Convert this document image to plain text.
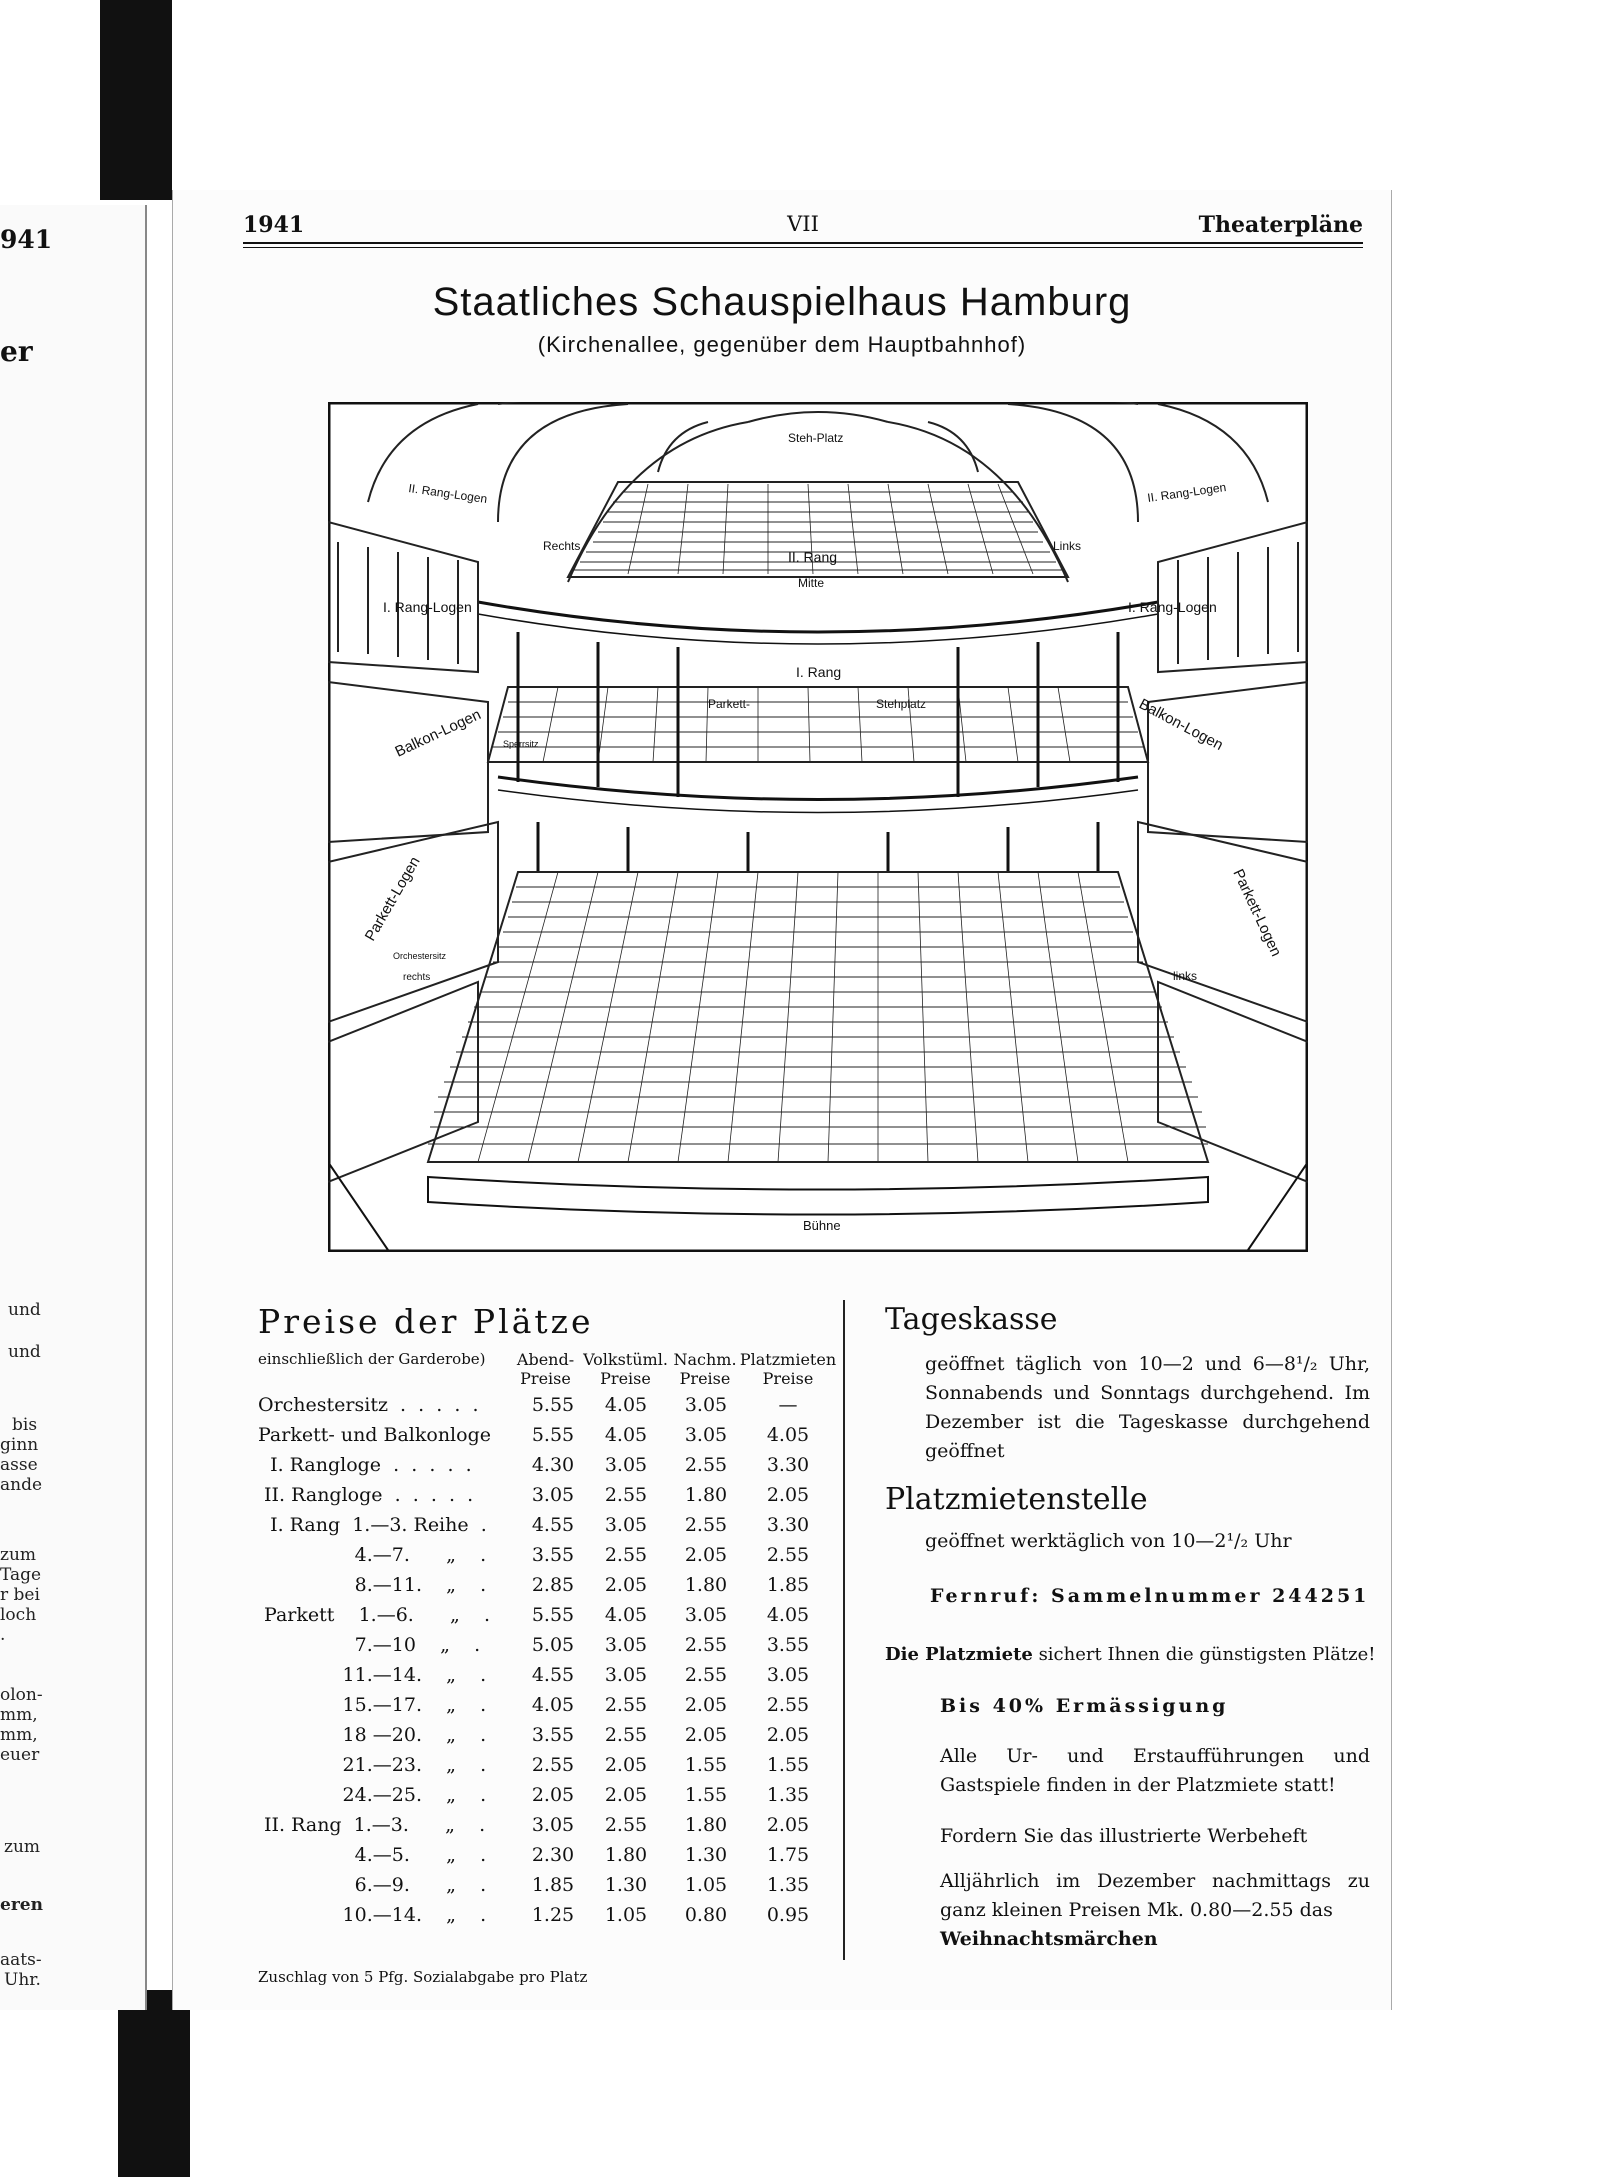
941
er
und
und
bis
ginn
asse
ande
zum
Tage
r bei
loch
.
olon-
mm,
mm,
euer
zum
eren
aats-
Uhr.
1941	VII	Theaterpläne
Staatliches Schauspielhaus Hamburg
(Kirchenallee, gegenüber dem Hauptbahnhof)
II. Rang-Logen	II. Rang-Logen
Steh-Platz
Rechts	Links
II. Rang
Mitte
I. Rang-Logen	I. Rang-Logen
I. Rang
Parkett-	Stehplatz
Balkon-Logen	Balkon-Logen
Parkett-Logen	Parkett-Logen
Sperrsitz
Orchestersitz
Bühne
rechts	links
Preise der Plätze
einschließlich der Garderobe) Abend-
Preise
Volkstüml.
Preise
Nachm.
Preise
Platzmieten
Preise
Orchestersitz  .  .  .  .  .	5.55	4.05	3.05	—
Parkett- und Balkonloge	5.55	4.05	3.05	4.05
I. Rangloge  .  .  .  .  .	4.30	3.05	2.55	3.30
II. Rangloge  .  .  .  .  .	3.05	2.55	1.80	2.05
I. Rang  1.—3. Reihe  .	4.55	3.05	2.55	3.30
4.—7.      „    .	3.55	2.55	2.05	2.55
8.—11.    „    .	2.85	2.05	1.80	1.85
Parkett    1.—6.      „    .	5.55	4.05	3.05	4.05
7.—10    „    .	5.05	3.05	2.55	3.55
11.—14.    „    .	4.55	3.05	2.55	3.05
15.—17.    „    .	4.05	2.55	2.05	2.55
18 —20.    „    .	3.55	2.55	2.05	2.05
21.—23.    „    .	2.55	2.05	1.55	1.55
24.—25.    „    .	2.05	2.05	1.55	1.35
II. Rang  1.—3.      „    .	3.05	2.55	1.80	2.05
4.—5.      „    .	2.30	1.80	1.30	1.75
6.—9.      „    .	1.85	1.30	1.05	1.35
10.—14.    „    .	1.25	1.05	0.80	0.95
Zuschlag von 5 Pfg. Sozialabgabe pro Platz
Tageskasse
geöffnet täglich von 10—2 und 6—8¹/₂ Uhr, Sonnabends und Sonntags durchgehend. Im Dezember ist die Tageskasse durchgehend geöffnet
Platzmietenstelle
geöffnet werktäglich von 10—2¹/₂ Uhr
Fernruf: Sammelnummer 244251
Die Platzmiete sichert Ihnen die günstigsten Plätze!
Bis 40% Ermässigung
Alle Ur- und Erstaufführungen und Gastspiele finden in der Platzmiete statt!
Fordern Sie das illustrierte Werbeheft
Alljährlich im Dezember nachmittags zu ganz kleinen Preisen Mk. 0.80—2.55 das
Weihnachtsmärchen
